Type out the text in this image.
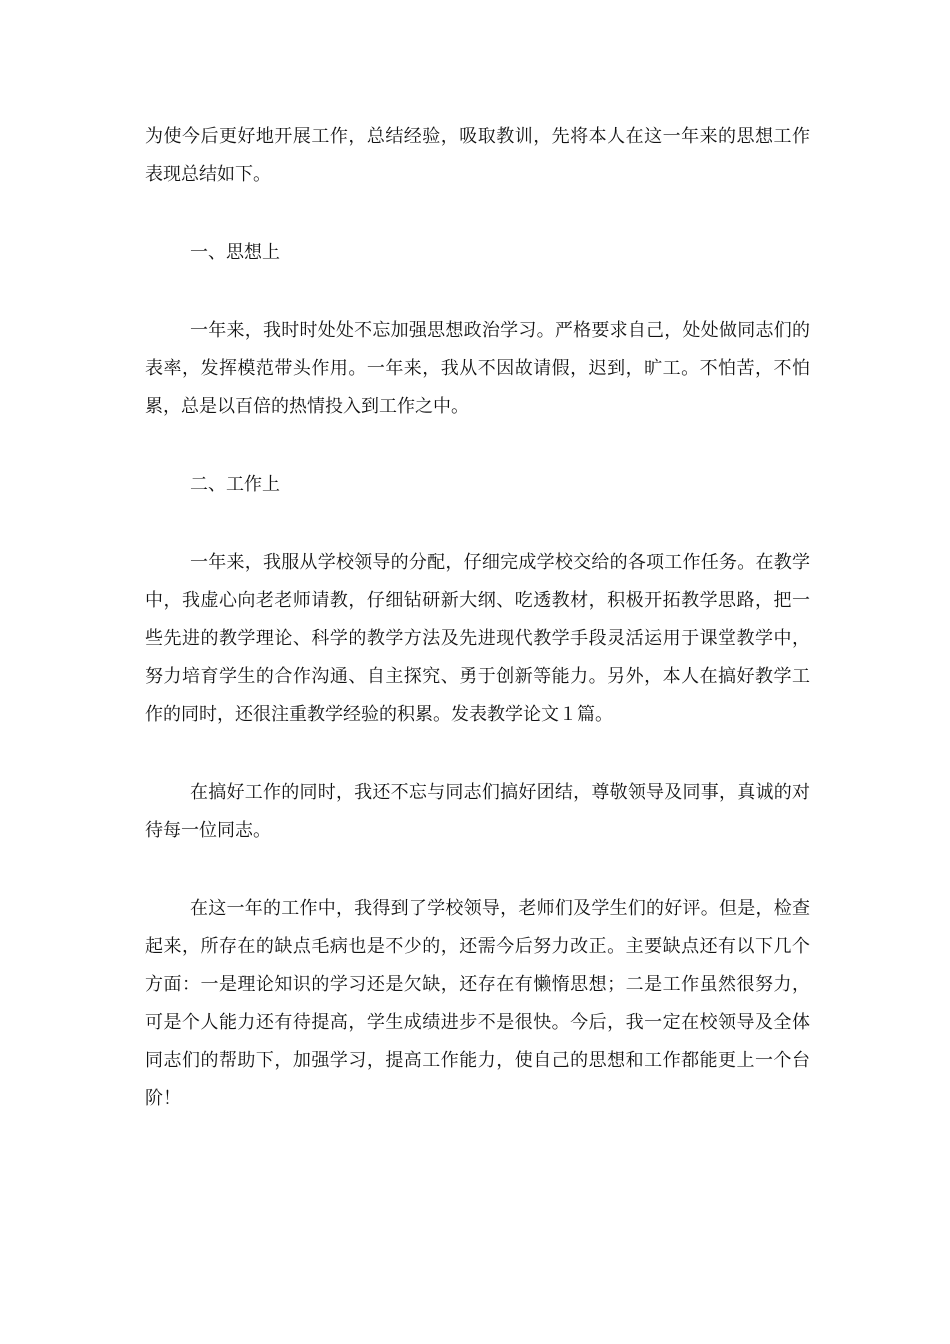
为使今后更好地开展工作，总结经验，吸取教训，先将本人在这一年来的思想工作表现总结如下。

一、思想上

一年来，我时时处处不忘加强思想政治学习。严格要求自己，处处做同志们的表率，发挥模范带头作用。一年来，我从不因故请假，迟到，旷工。不怕苦，不怕累，总是以百倍的热情投入到工作之中。

二、工作上

一年来，我服从学校领导的分配，仔细完成学校交给的各项工作任务。在教学中，我虚心向老老师请教，仔细钻研新大纲、吃透教材，积极开拓教学思路，把一些先进的教学理论、科学的教学方法及先进现代教学手段灵活运用于课堂教学中，努力培育学生的合作沟通、自主探究、勇于创新等能力。另外，本人在搞好教学工作的同时，还很注重教学经验的积累。发表教学论文１篇。

在搞好工作的同时，我还不忘与同志们搞好团结，尊敬领导及同事，真诚的对待每一位同志。

在这一年的工作中，我得到了学校领导，老师们及学生们的好评。但是，检查起来，所存在的缺点毛病也是不少的，还需今后努力改正。主要缺点还有以下几个方面：一是理论知识的学习还是欠缺，还存在有懒惰思想；二是工作虽然很努力，可是个人能力还有待提高，学生成绩进步不是很快。今后，我一定在校领导及全体同志们的帮助下，加强学习，提高工作能力，使自己的思想和工作都能更上一个台阶！
